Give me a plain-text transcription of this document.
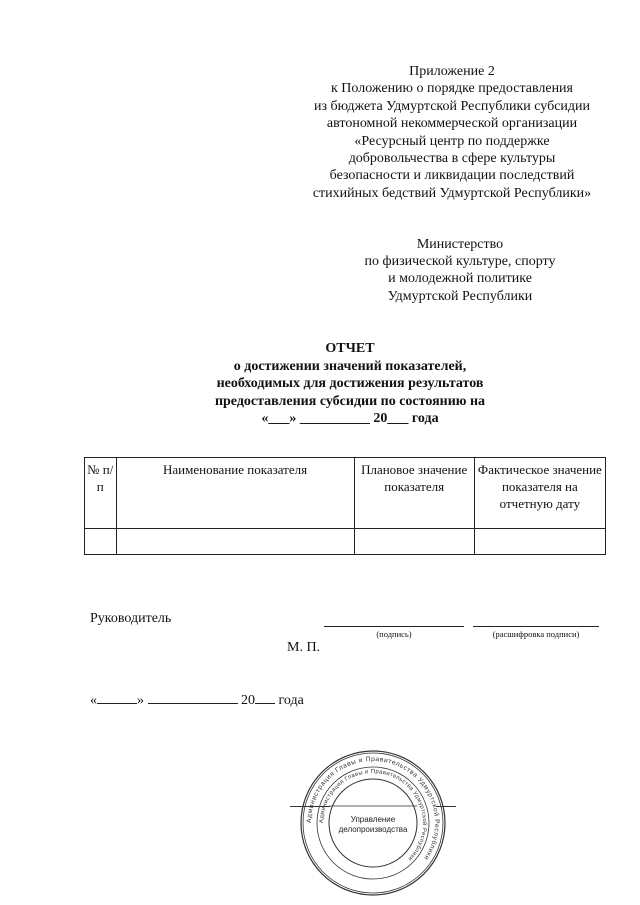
Приложение 2
к Положению о порядке предоставления
из бюджета Удмуртской Республики субсидии
автономной некоммерческой организации
«Ресурсный центр по поддержке
добровольчества в сфере культуры
безопасности и ликвидации последствий
стихийных бедствий Удмуртской Республики»
Министерство
по физической культуре, спорту
и молодежной политике
Удмуртской Республики
ОТЧЕТ
о достижении значений показателей,
необходимых для достижения результатов
предоставления субсидии по состоянию на
«___» __________ 20___ года
№ п/п	Наименование показателя	Плановое значение показателя	Фактическое значение показателя на отчетную дату

Руководитель
(подпись)	(расшифровка подписи)
М. П.
«	»	20 года
Администрация Главы и Правительства Удмуртской Республики
Администрация Главы и Правительства Удмуртской Республики
Управление
делопроизводства
